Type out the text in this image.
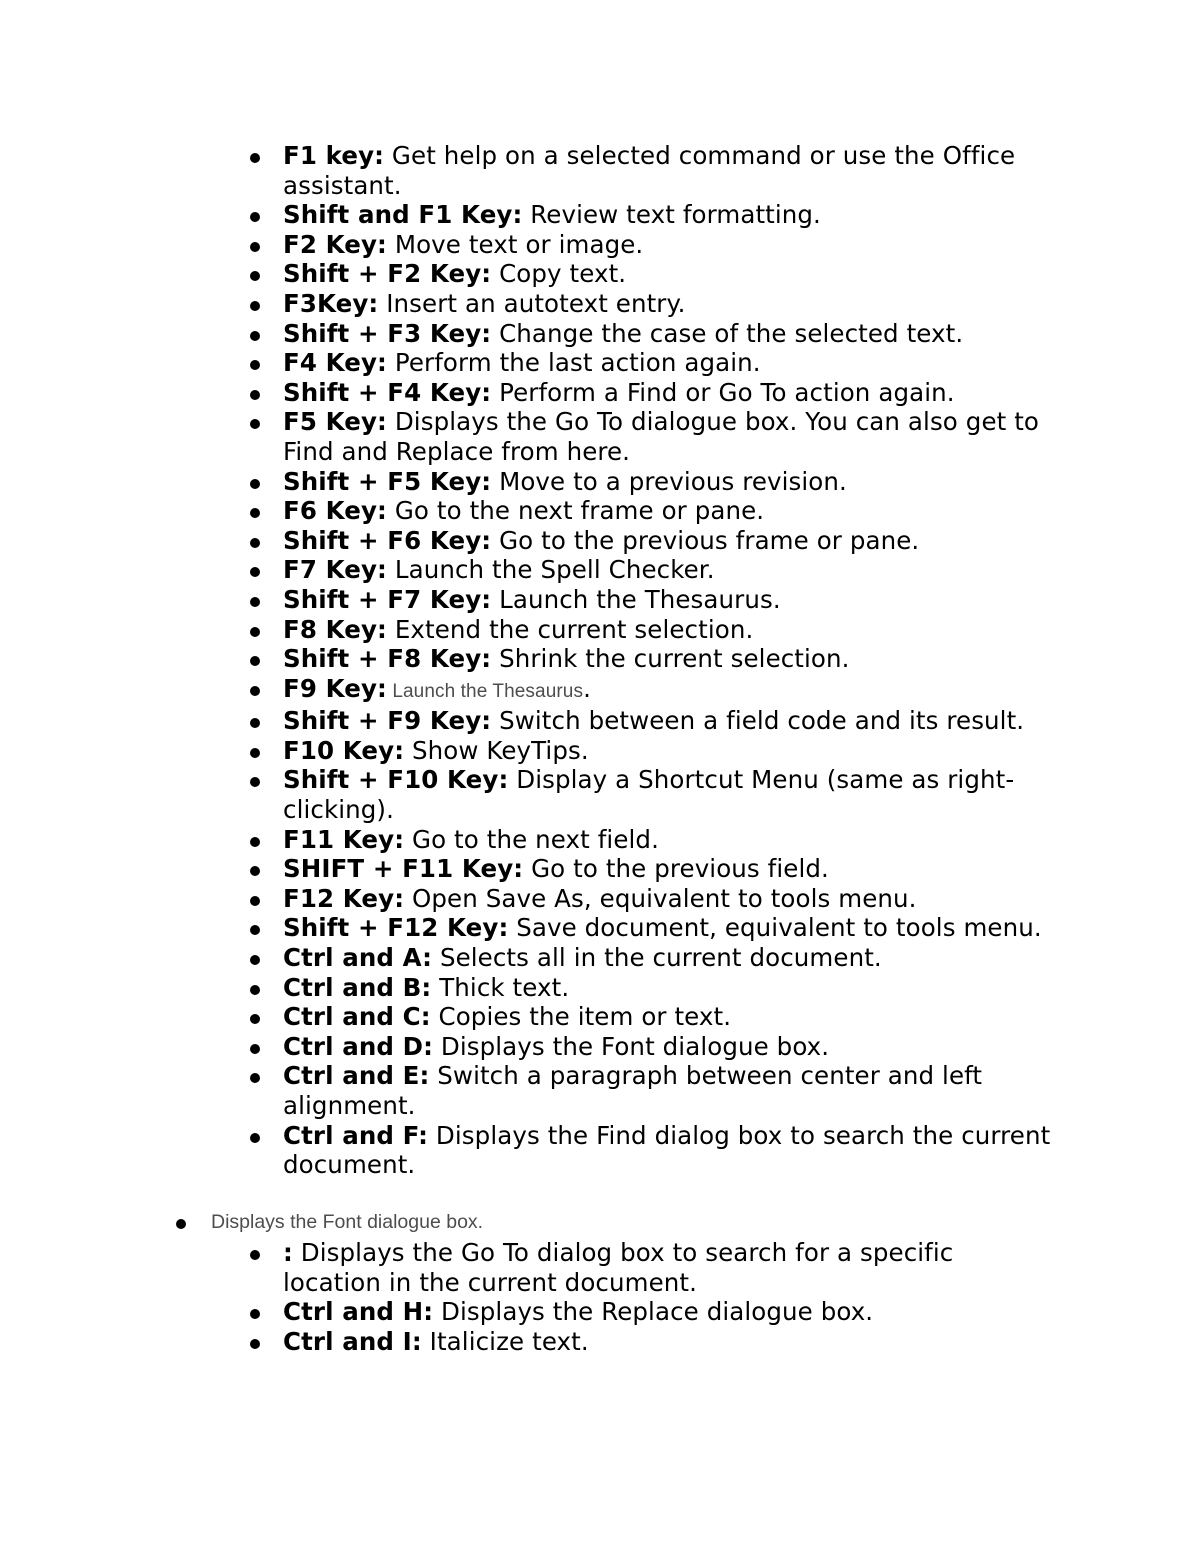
F1 key: Get help on a selected command or use the Office assistant.
Shift and F1 Key: Review text formatting.
F2 Key: Move text or image.
Shift + F2 Key: Copy text.
F3Key: Insert an autotext entry.
Shift + F3 Key: Change the case of the selected text.
F4 Key: Perform the last action again.
Shift + F4 Key: Perform a Find or Go To action again.
F5 Key: Displays the Go To dialogue box. You can also get to Find and Replace from here.
Shift + F5 Key: Move to a previous revision.
F6 Key: Go to the next frame or pane.
Shift + F6 Key: Go to the previous frame or pane.
F7 Key: Launch the Spell Checker.
Shift + F7 Key: Launch the Thesaurus.
F8 Key: Extend the current selection.
Shift + F8 Key: Shrink the current selection.
F9 Key: Launch the Thesaurus.
Shift + F9 Key: Switch between a field code and its result.
F10 Key: Show KeyTips.
Shift + F10 Key: Display a Shortcut Menu (same as right-clicking).
F11 Key: Go to the next field.
SHIFT + F11 Key: Go to the previous field.
F12 Key: Open Save As, equivalent to tools menu.
Shift + F12 Key: Save document, equivalent to tools menu.
Ctrl and A: Selects all in the current document.
Ctrl and B: Thick text.
Ctrl and C: Copies the item or text.
Ctrl and D: Displays the Font dialogue box.
Ctrl and E: Switch a paragraph between center and left alignment.
Ctrl and F: Displays the Find dialog box to search the current document.
Displays the Font dialogue box.
: Displays the Go To dialog box to search for a specific location in the current document.
Ctrl and H: Displays the Replace dialogue box.
Ctrl and I: Italicize text.
